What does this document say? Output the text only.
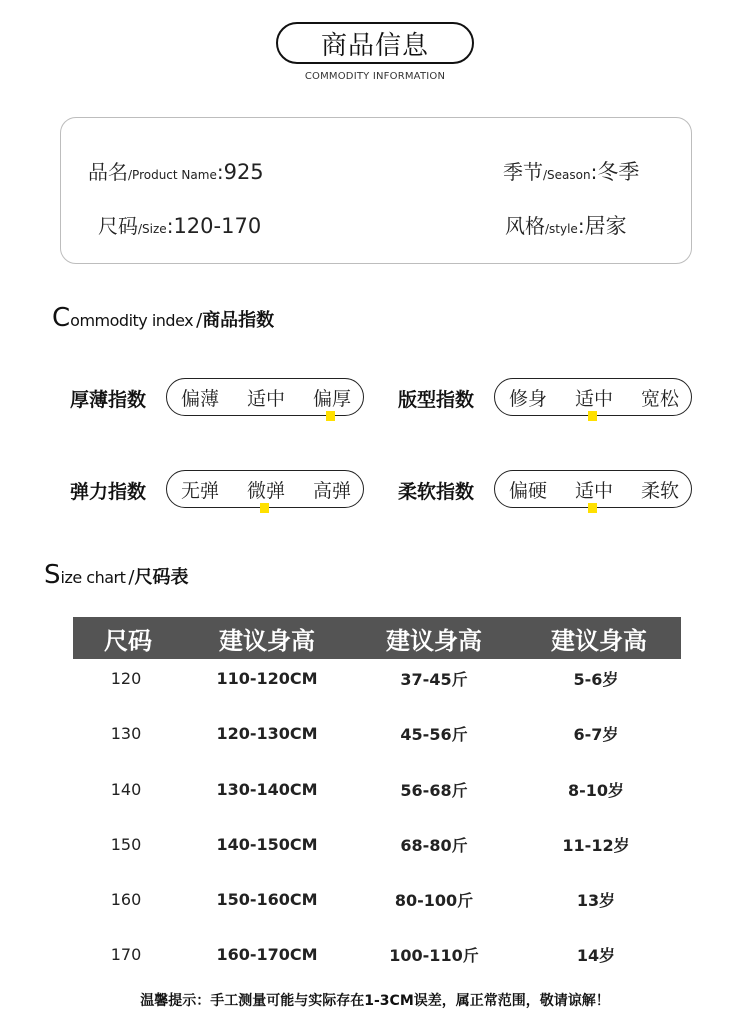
商品信息
COMMODITY INFORMATION
品名 /Product Name : 925	季节 /Season : 冬季
尺码 /Size : 120-170	风格 /style : 居家
C ommodity index / 商品指数
厚薄指数	偏薄	适中	偏厚	版型指数	修身	适中	宽松
弹力指数	无弹	微弹	高弹	柔软指数	偏硬	适中	柔软
S ize chart / 尺码表
尺码	建议身高	建议身高	建议身高
120	110-120CM	37-45斤	5-6岁
130	120-130CM	45-56斤	6-7岁
140	130-140CM	56-68斤	8-10岁
150	140-150CM	68-80斤	11-12岁
160	150-160CM	80-100斤	13岁
170	160-170CM	100-110斤	14岁
温馨提示：手工测量可能与实际存在1-3CM误差，属正常范围，敬请谅解！
